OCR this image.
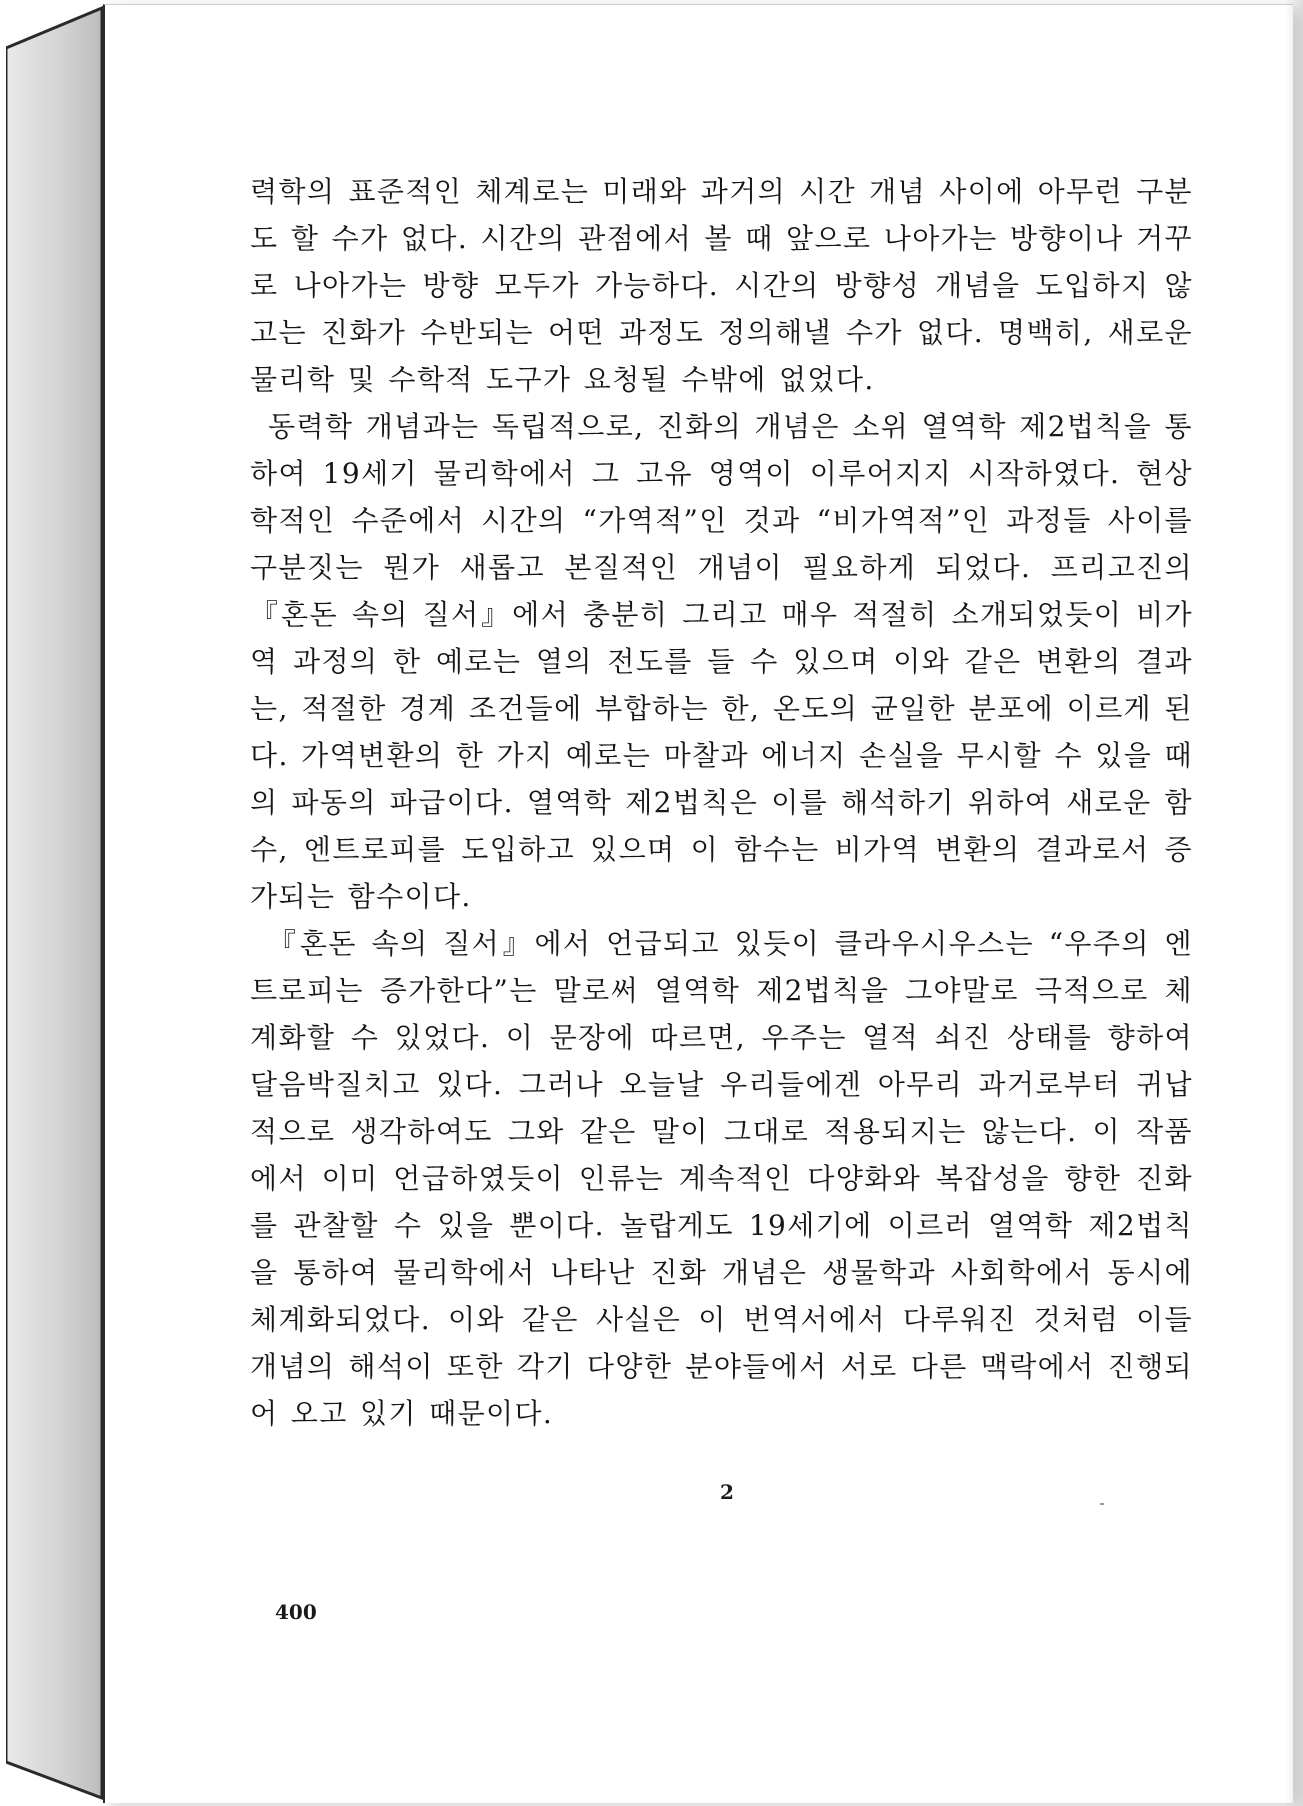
력학의 표준적인 체계로는 미래와 과거의 시간 개념 사이에 아무런 구분도 할 수가 없다. 시간의 관점에서 볼 때 앞으로 나아가는 방향이나 거꾸로 나아가는 방향 모두가 가능하다. 시간의 방향성 개념을 도입하지 않고는 진화가 수반되는 어떤 과정도 정의해낼 수가 없다. 명백히, 새로운 물리학 및 수학적 도구가 요청될 수밖에 없었다.

동력학 개념과는 독립적으로, 진화의 개념은 소위 열역학 제2법칙을 통하여 19세기 물리학에서 그 고유 영역이 이루어지지 시작하였다. 현상학적인 수준에서 시간의 “가역적”인 것과 “비가역적”인 과정들 사이를 구분짓는 뭔가 새롭고 본질적인 개념이 필요하게 되었다. 프리고진의 『혼돈 속의 질서』에서 충분히 그리고 매우 적절히 소개되었듯이 비가역 과정의 한 예로는 열의 전도를 들 수 있으며 이와 같은 변환의 결과는, 적절한 경계 조건들에 부합하는 한, 온도의 균일한 분포에 이르게 된다. 가역변환의 한 가지 예로는 마찰과 에너지 손실을 무시할 수 있을 때의 파동의 파급이다. 열역학 제2법칙은 이를 해석하기 위하여 새로운 함수, 엔트로피를 도입하고 있으며 이 함수는 비가역 변환의 결과로서 증가되는 함수이다.

『혼돈 속의 질서』에서 언급되고 있듯이 클라우시우스는 “우주의 엔트로피는 증가한다”는 말로써 열역학 제2법칙을 그야말로 극적으로 체계화할 수 있었다. 이 문장에 따르면, 우주는 열적 쇠진 상태를 향하여 달음박질치고 있다. 그러나 오늘날 우리들에겐 아무리 과거로부터 귀납적으로 생각하여도 그와 같은 말이 그대로 적용되지는 않는다. 이 작품에서 이미 언급하였듯이 인류는 계속적인 다양화와 복잡성을 향한 진화를 관찰할 수 있을 뿐이다. 놀랍게도 19세기에 이르러 열역학 제2법칙을 통하여 물리학에서 나타난 진화 개념은 생물학과 사회학에서 동시에 체계화되었다. 이와 같은 사실은 이 번역서에서 다루워진 것처럼 이들 개념의 해석이 또한 각기 다양한 분야들에서 서로 다른 맥락에서 진행되어 오고 있기 때문이다.

2
400
